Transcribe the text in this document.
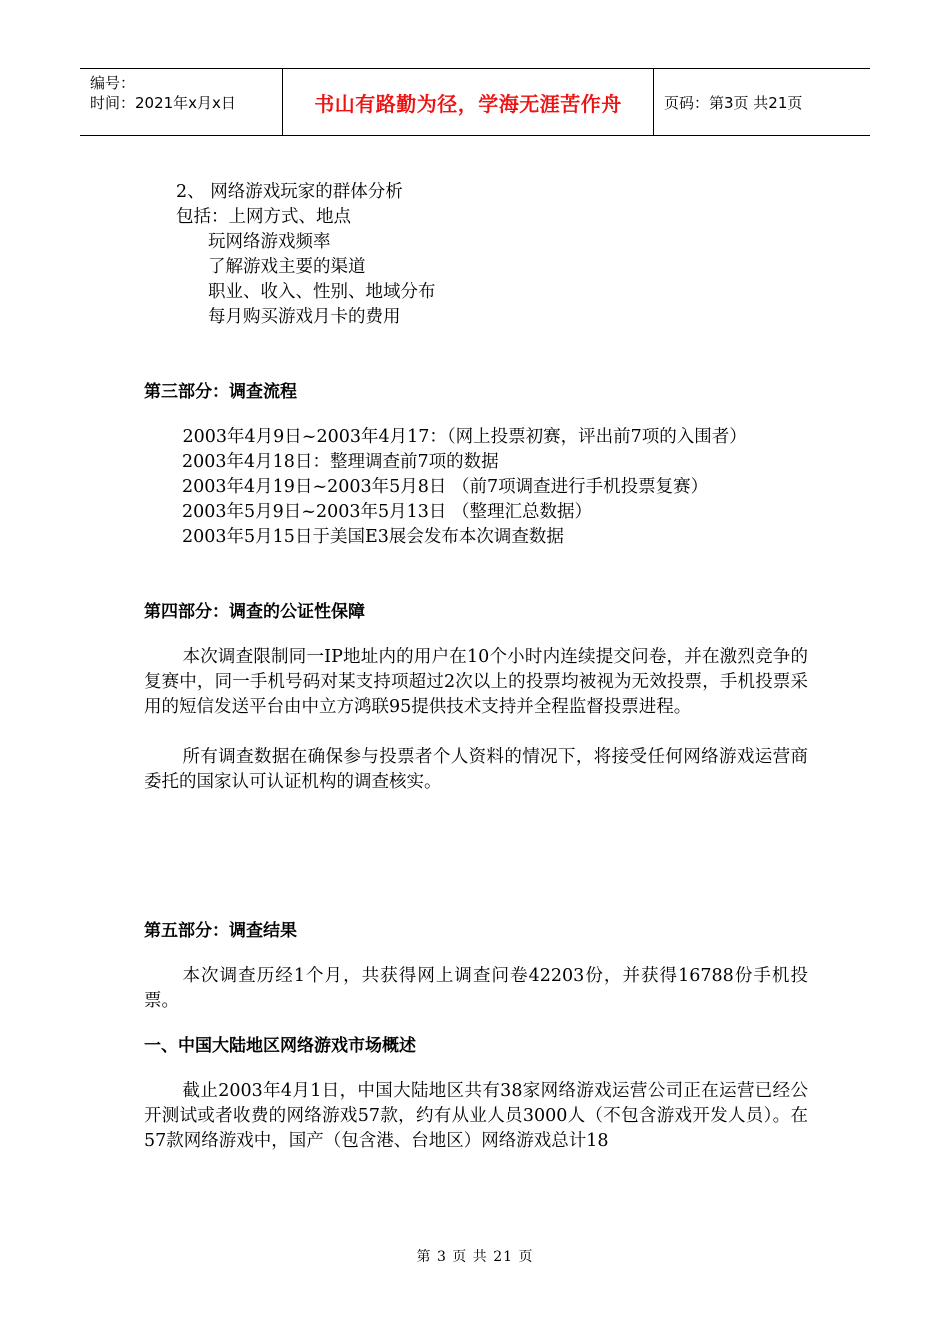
编号：
时间：2021年x月x日	书山有路勤为径，学海无涯苦作舟	页码：第3页 共21页
2、 网络游戏玩家的群体分析
包括：上网方式、地点
玩网络游戏频率
了解游戏主要的渠道
职业、收入、性别、地域分布
每月购买游戏月卡的费用
第三部分：调查流程
2003年4月9日~2003年4月17：（网上投票初赛，评出前7项的入围者）
2003年4月18日：整理调查前7项的数据
2003年4月19日~2003年5月8日 （前7项调查进行手机投票复赛）
2003年5月9日~2003年5月13日 （整理汇总数据）
2003年5月15日于美国E3展会发布本次调查数据
第四部分：调查的公证性保障
本次调查限制同一IP地址内的用户在10个小时内连续提交问卷，并在激烈竞争的复赛中，同一手机号码对某支持项超过2次以上的投票均被视为无效投票，手机投票采用的短信发送平台由中立方鸿联95提供技术支持并全程监督投票进程。
所有调查数据在确保参与投票者个人资料的情况下，将接受任何网络游戏运营商委托的国家认可认证机构的调查核实。
第五部分：调查结果
本次调查历经1个月，共获得网上调查问卷42203份，并获得16788份手机投票。
一、中国大陆地区网络游戏市场概述
截止2003年4月1日，中国大陆地区共有38家网络游戏运营公司正在运营已经公开测试或者收费的网络游戏57款，约有从业人员3000人（不包含游戏开发人员）。在57款网络游戏中，国产（包含港、台地区）网络游戏总计18
第 3 页 共 21 页
